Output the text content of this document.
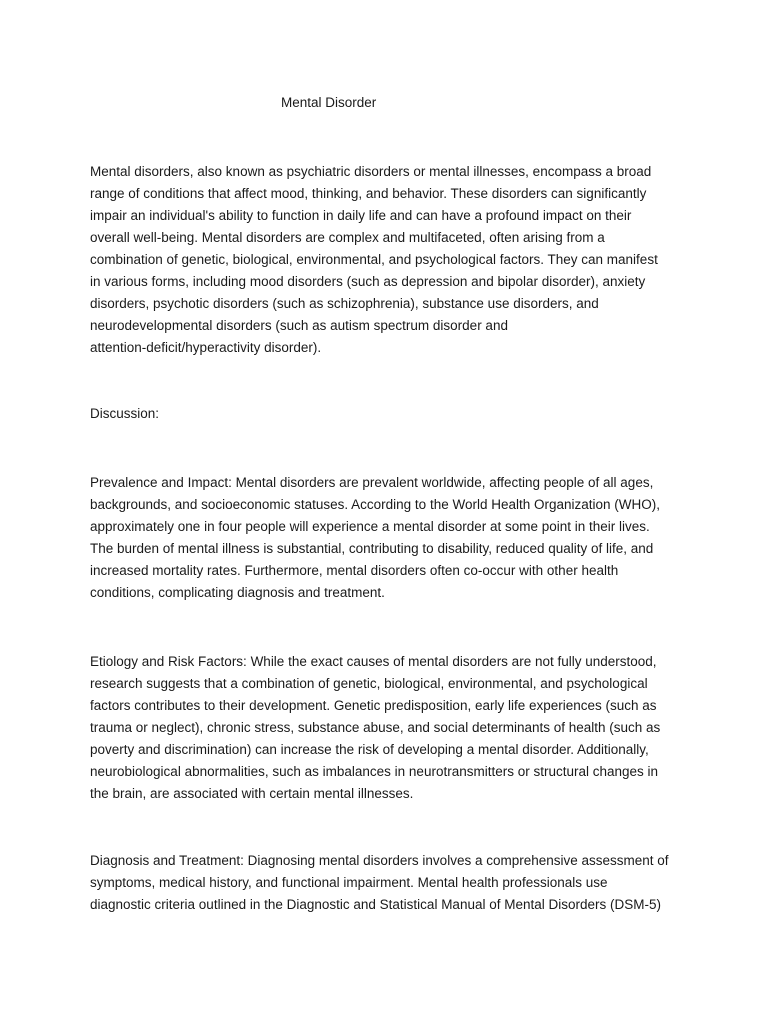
Mental Disorder

Mental disorders, also known as psychiatric disorders or mental illnesses, encompass a broad
range of conditions that affect mood, thinking, and behavior. These disorders can significantly
impair an individual's ability to function in daily life and can have a profound impact on their
overall well-being. Mental disorders are complex and multifaceted, often arising from a
combination of genetic, biological, environmental, and psychological factors. They can manifest
in various forms, including mood disorders (such as depression and bipolar disorder), anxiety
disorders, psychotic disorders (such as schizophrenia), substance use disorders, and
neurodevelopmental disorders (such as autism spectrum disorder and
attention-deficit/hyperactivity disorder).

Discussion:

Prevalence and Impact: Mental disorders are prevalent worldwide, affecting people of all ages,
backgrounds, and socioeconomic statuses. According to the World Health Organization (WHO),
approximately one in four people will experience a mental disorder at some point in their lives.
The burden of mental illness is substantial, contributing to disability, reduced quality of life, and
increased mortality rates. Furthermore, mental disorders often co-occur with other health
conditions, complicating diagnosis and treatment.

Etiology and Risk Factors: While the exact causes of mental disorders are not fully understood,
research suggests that a combination of genetic, biological, environmental, and psychological
factors contributes to their development. Genetic predisposition, early life experiences (such as
trauma or neglect), chronic stress, substance abuse, and social determinants of health (such as
poverty and discrimination) can increase the risk of developing a mental disorder. Additionally,
neurobiological abnormalities, such as imbalances in neurotransmitters or structural changes in
the brain, are associated with certain mental illnesses.

Diagnosis and Treatment: Diagnosing mental disorders involves a comprehensive assessment of
symptoms, medical history, and functional impairment. Mental health professionals use
diagnostic criteria outlined in the Diagnostic and Statistical Manual of Mental Disorders (DSM-5)
